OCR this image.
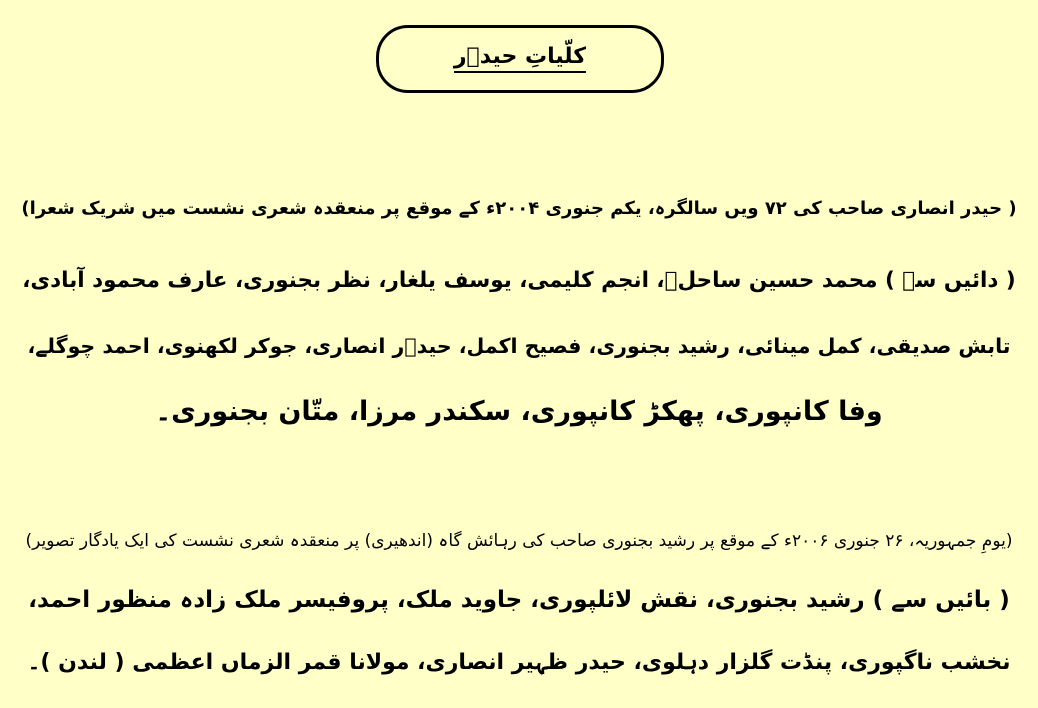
کلّیاتِ حیدؔر

( حیدر انصاری صاحب کی ۷۲ ویں سالگرہ، یکم جنوری ۲۰۰۴ء کے موقع پر منعقدہ شعری نشست میں شریک شعرا)

( دائیں سے ) محمد حسین ساحلؔ، انجم کلیمی، یوسف یلغار، نظر بجنوری، عارف محمود آبادی،

تابش صدیقی، کمل مینائی، رشید بجنوری، فصیح اکمل، حیدؔر انصاری، جوکر لکھنوی، احمد چوگلے،

وفا کانپوری، پھکڑ کانپوری، سکندر مرزا، متّان بجنوری۔

(یومِ جمہوریہ، ۲۶ جنوری ۲۰۰۶ء کے موقع پر رشید بجنوری صاحب کی رہائش گاہ (اندھیری) پر منعقدہ شعری نشست کی ایک یادگار تصویر)

( بائیں سے ) رشید بجنوری، نقش لائلپوری، جاوید ملک، پروفیسر ملک زادہ منظور احمد،

نخشب ناگپوری، پنڈت گلزار دہلوی، حیدر ظہیر انصاری، مولانا قمر الزماں اعظمی ( لندن )۔
